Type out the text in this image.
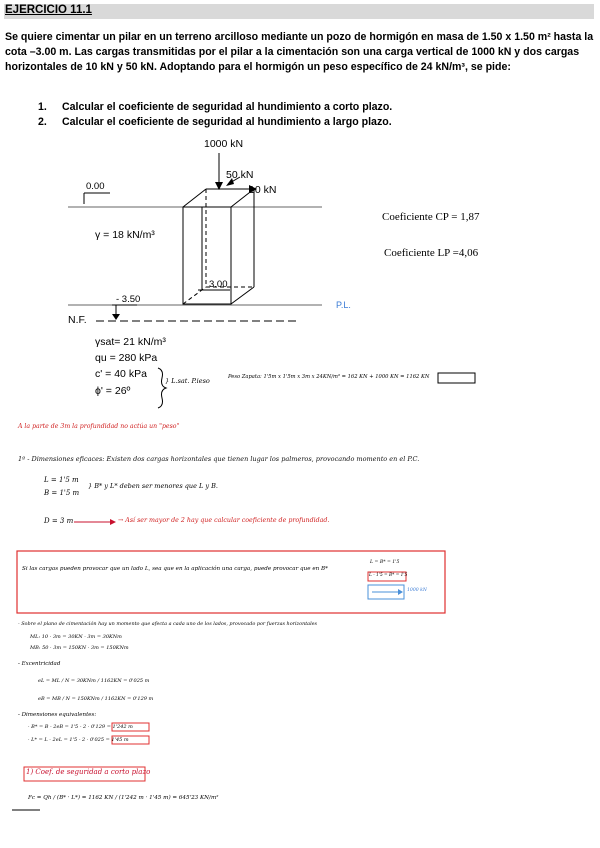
EJERCICIO 11.1
Se quiere cimentar un pilar en un terreno arcilloso mediante un pozo de hormigón en masa de 1.50 x 1.50 m² hasta la cota –3.00 m. Las cargas transmitidas por el pilar a la cimentación son una carga vertical de 1000 kN y dos cargas horizontales de 10 kN y 50 kN. Adoptando para el hormigón un peso específico de 24 kN/m³, se pide:
1. Calcular el coeficiente de seguridad al hundimiento a corto plazo.
2. Calcular el coeficiente de seguridad al hundimiento a largo plazo.
1000 kN
50 kN
10 kN
0.00
γ = 18 kN/m³
3.00
- 3.50
N.F.
P.L.
γsat= 21 kN/m³
qu = 280 kPa
c' = 40 kPa
ϕ' = 26º
Coeficiente CP = 1,87
Coeficiente LP =4,06
} L.sat. P.ieso	Peso Zapata: 1'5m x 1'5m x 3m x 24KN/m³ = 162 KN + 1000 KN = 1162 KN
A la parte de 3m la profundidad no actúa un "peso"
1º - Dimensiones eficaces: Existen dos cargas horizontales que tienen lugar los palmeros, provocando momento en el P.C.
L = 1'5 m
B = 1'5 m
} B* y L* deben ser menores que L y B.
D = 3 m	→ Así ser mayor de 2 hay que calcular coeficiente de profundidad.
Si las cargas pueden provocar que un lado L, sea que en la aplicación una carga, puede provocar que en B*
L = B* = 1'5
L - 1'5 = B* = 1'5
1000 kN
- Sobre el plano de cimentación hay un momento que afecta a cada uno de los lados, provocado por fuerzas horizontales
ML: 10 · 3m = 30KN · 3m = 30KNm
MB: 50 · 3m = 150KN · 3m = 150KNm
- Excentricidad
eL = ML / N = 30KNm / 1162KN = 0'025 m
eB = MB / N = 150KNm / 1162KN = 0'129 m
- Dimensiones equivalentes:
· B* = B - 2eB = 1'5 - 2 · 0'129 = 1'242 m
· L* = L - 2eL = 1'5 - 2 · 0'025 = 1'45 m
1) Coef. de seguridad a corto plazo
Fc = Qh / (B* · L*) = 1162 KN / (1'242 m · 1'45 m) = 645'23 KN/m²
